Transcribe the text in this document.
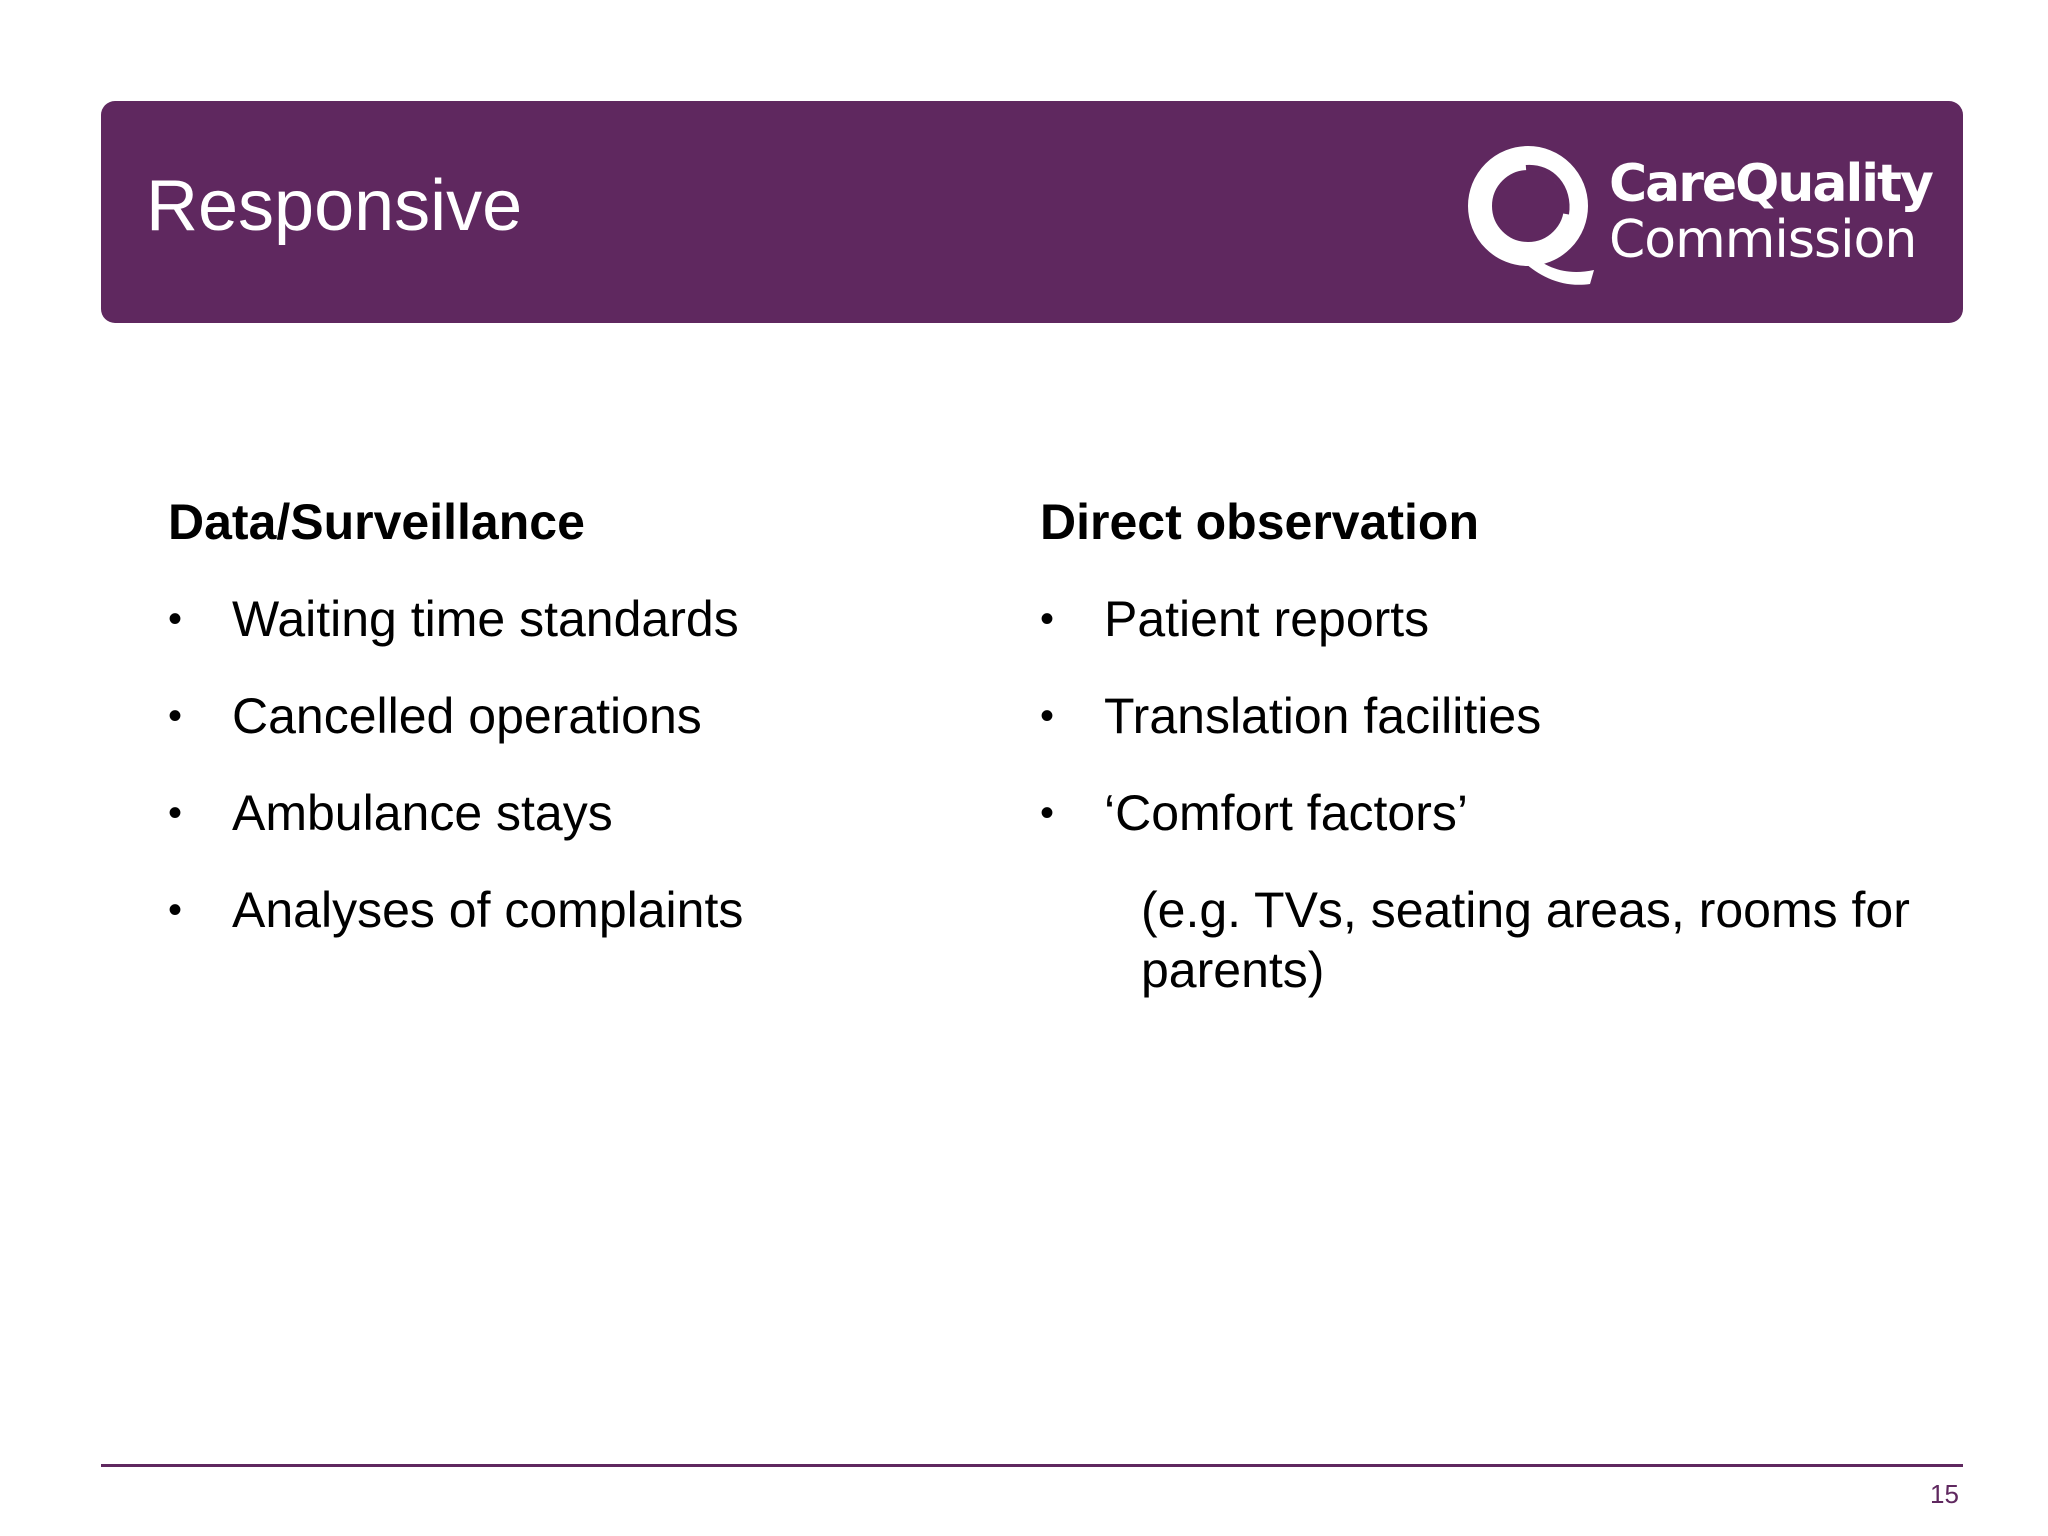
Responsive	CareQuality
Commission
Data/Surveillance
• Waiting time standards
• Cancelled operations
• Ambulance stays
• Analyses of complaints
Direct observation
• Patient reports
• Translation facilities
• ‘Comfort factors’

(e.g. TVs, seating areas, rooms for parents)

15
